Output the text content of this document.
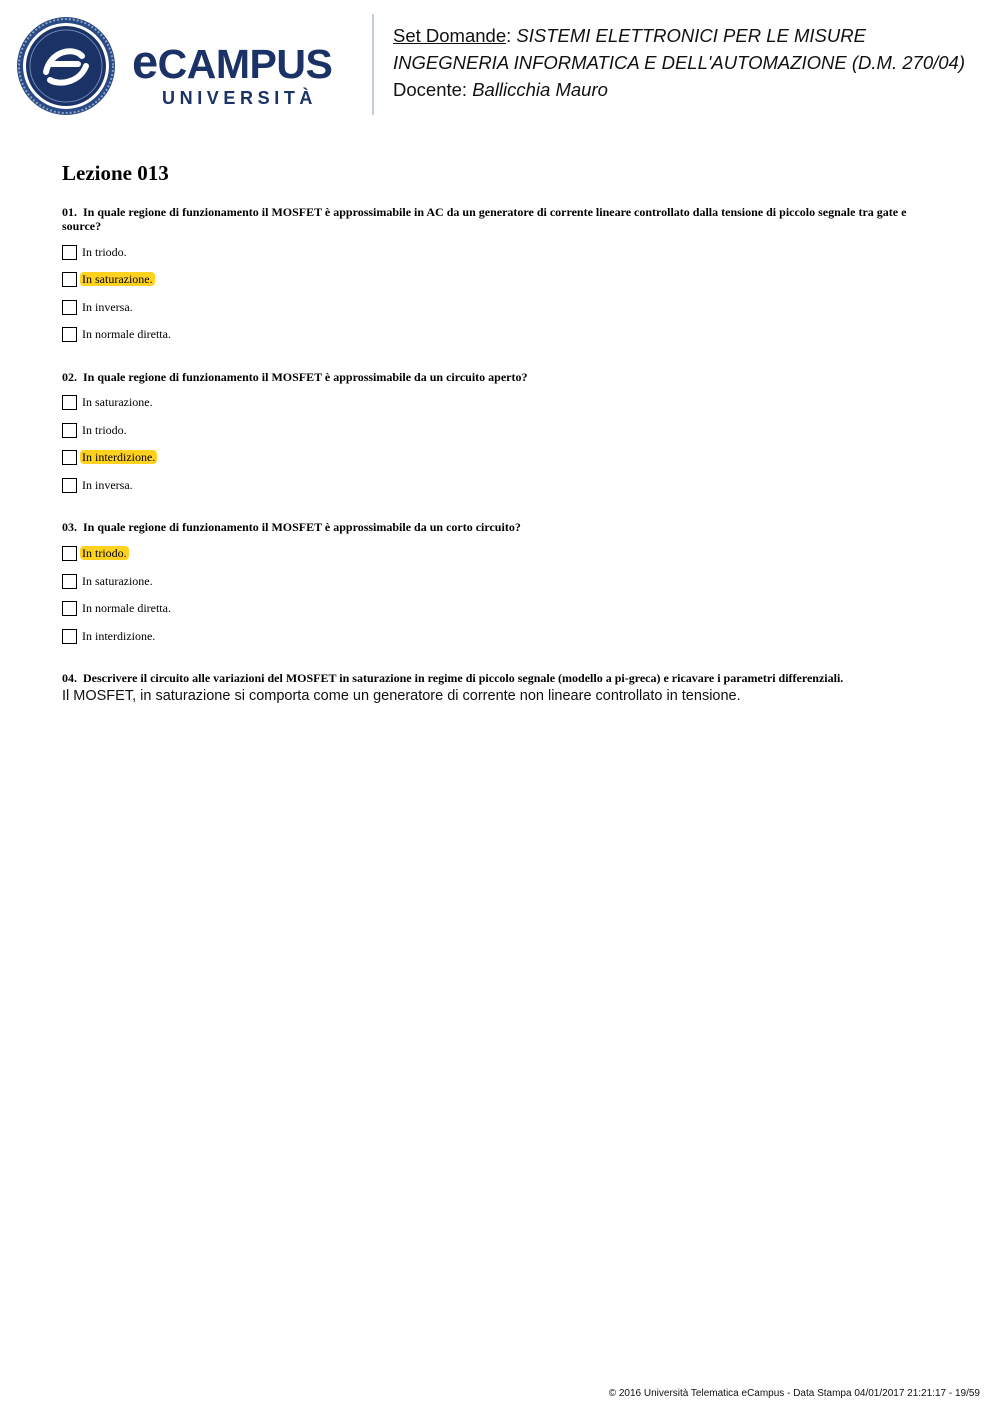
eCAMPUS
UNIVERSITÀ
Set Domande: SISTEMI ELETTRONICI PER LE MISURE
INGEGNERIA INFORMATICA E DELL'AUTOMAZIONE (D.M. 270/04)
Docente: Ballicchia Mauro
Lezione 013
01. In quale regione di funzionamento il MOSFET è approssimabile in AC da un generatore di corrente lineare controllato dalla tensione di piccolo segnale tra gate e source?
In triodo.
In saturazione.
In inversa.
In normale diretta.
02. In quale regione di funzionamento il MOSFET è approssimabile da un circuito aperto?
In saturazione.
In triodo.
In interdizione.
In inversa.
03. In quale regione di funzionamento il MOSFET è approssimabile da un corto circuito?
In triodo.
In saturazione.
In normale diretta.
In interdizione.
04. Descrivere il circuito alle variazioni del MOSFET in saturazione in regime di piccolo segnale (modello a pi-greca) e ricavare i parametri differenziali.
Il MOSFET, in saturazione si comporta come un generatore di corrente non lineare controllato in tensione.
© 2016 Università Telematica eCampus - Data Stampa 04/01/2017 21:21:17 - 19/59
